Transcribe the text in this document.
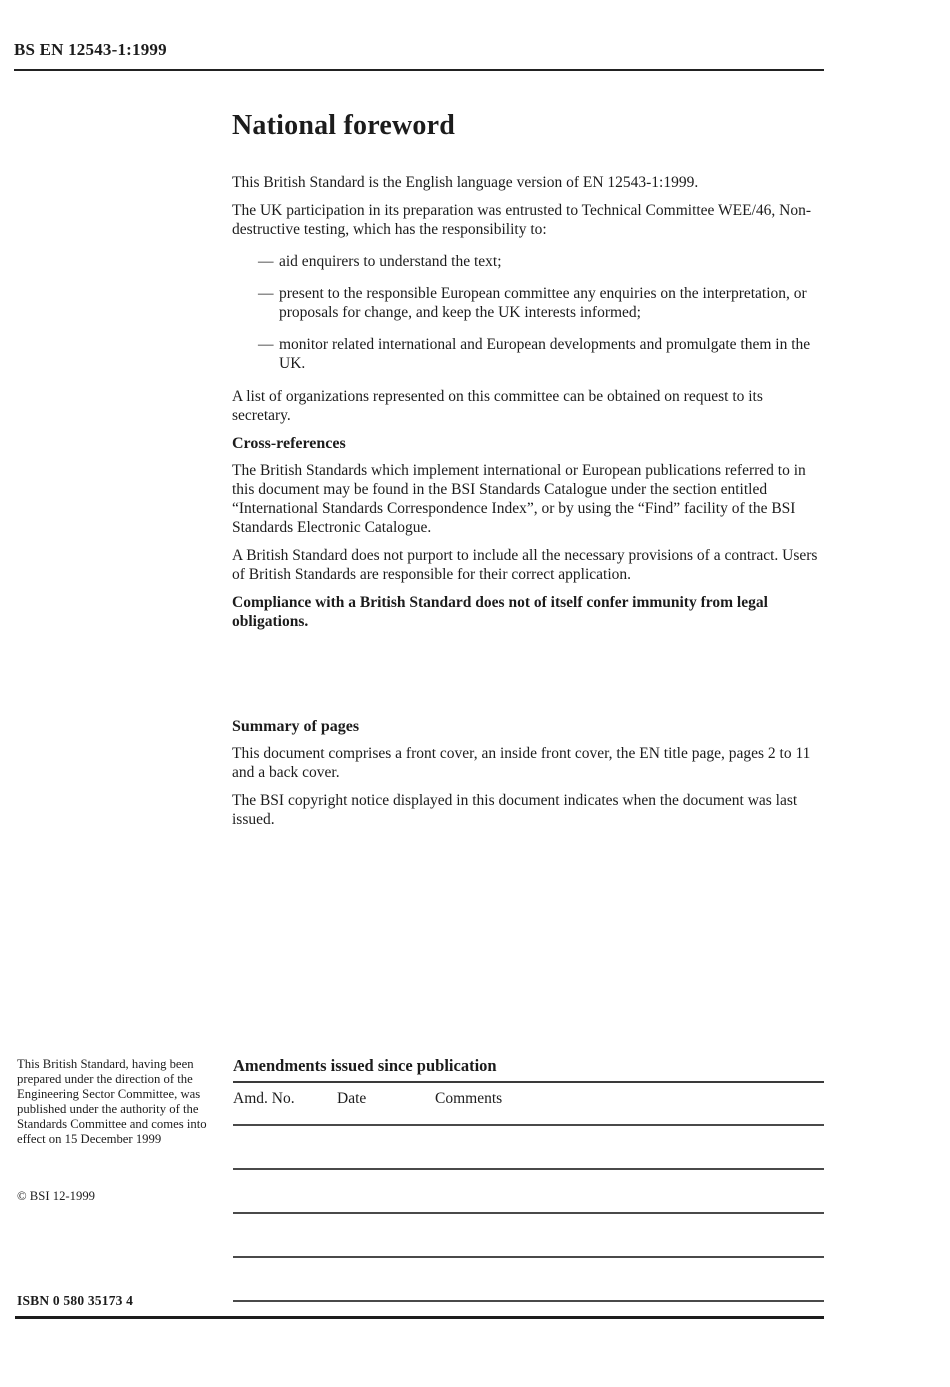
BS EN 12543-1:1999
National foreword

This British Standard is the English language version of EN 12543-1:1999.

The UK participation in its preparation was entrusted to Technical Committee WEE/46, Non-destructive testing, which has the responsibility to:

— aid enquirers to understand the text;
— present to the responsible European committee any enquiries on the interpretation, or proposals for change, and keep the UK interests informed;
— monitor related international and European developments and promulgate them in the UK.

A list of organizations represented on this committee can be obtained on request to its secretary.

Cross-references

The British Standards which implement international or European publications referred to in this document may be found in the BSI Standards Catalogue under the section entitled “International Standards Correspondence Index”, or by using the “Find” facility of the BSI Standards Electronic Catalogue.

A British Standard does not purport to include all the necessary provisions of a contract. Users of British Standards are responsible for their correct application.

Compliance with a British Standard does not of itself confer immunity from legal obligations.

Summary of pages

This document comprises a front cover, an inside front cover, the EN title page, pages 2 to 11 and a back cover.

The BSI copyright notice displayed in this document indicates when the document was last issued.

This British Standard, having been prepared under the direction of the Engineering Sector Committee, was published under the authority of the Standards Committee and comes into effect on 15 December 1999
© BSI 12-1999
ISBN 0 580 35173 4
Amendments issued since publication
Amd. No.	Date	Comments
